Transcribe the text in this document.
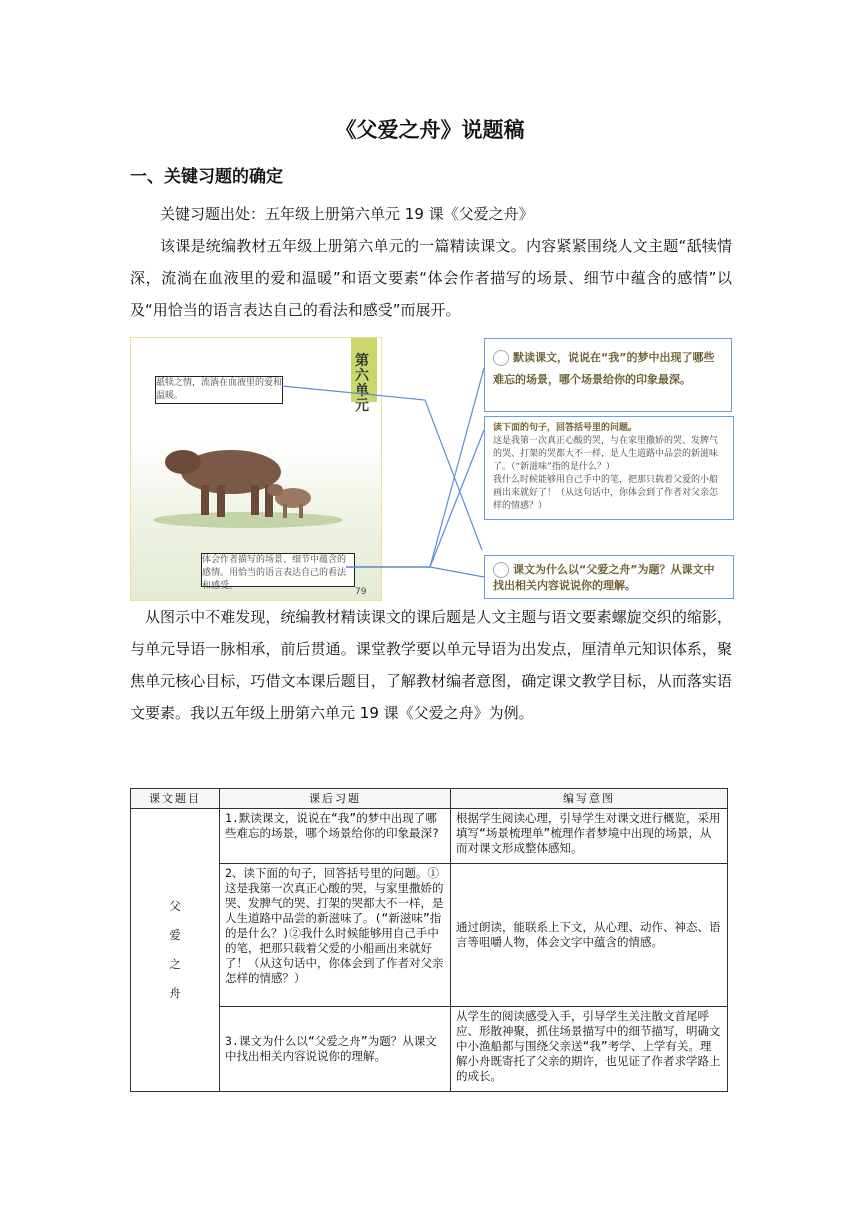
《父爱之舟》说题稿
一、关键习题的确定
关键习题出处：五年级上册第六单元 19 课《父爱之舟》
该课是统编教材五年级上册第六单元的一篇精读课文。内容紧紧围绕人文主题“舐犊情深，流淌在血液里的爱和温暖”和语文要素“体会作者描写的场景、细节中蕴含的感情”以及“用恰当的语言表达自己的看法和感受”而展开。
第六单元
舐犊之情，流淌在血液里的爱和温暖。
体会作者描写的场景、细节中蕴含的感情。用恰当的语言表达自己的看法和感受。
79
默读课文，说说在“我”的梦中出现了哪些难忘的场景，哪个场景给你的印象最深。
读下面的句子，回答括号里的问题。
这是我第一次真正心酸的哭，与在家里撒娇的哭、发脾气的哭、打架的哭都大不一样，是人生道路中品尝的新滋味了。（“新滋味”指的是什么？）
我什么时候能够用自己手中的笔，把那只载着父爱的小船画出来就好了！（从这句话中，你体会到了作者对父亲怎样的情感？）
课文为什么以“父爱之舟”为题？从课文中找出相关内容说说你的理解。
从图示中不难发现，统编教材精读课文的课后题是人文主题与语文要素螺旋交织的缩影，与单元导语一脉相承，前后贯通。课堂教学要以单元导语为出发点，厘清单元知识体系，聚焦单元核心目标，巧借文本课后题目，了解教材编者意图，确定课文教学目标，从而落实语文要素。我以五年级上册第六单元 19 课《父爱之舟》为例。
课文题目	课后习题	编写意图

父
爱
之
舟	1.默读课文，说说在“我”的梦中出现了哪些难忘的场景，哪个场景给你的印象最深?	根据学生阅读心理，引导学生对课文进行概览，采用填写“场景梳理单”梳理作者梦境中出现的场景，从而对课文形成整体感知。
	2、读下面的句子，回答括号里的问题。①这是我第一次真正心酸的哭，与家里撒娇的哭、发脾气的哭、打架的哭都大不一样，是人生道路中品尝的新滋味了。(“新滋味”指的是什么？)②我什么时候能够用自己手中的笔，把那只载着父爱的小船画出来就好了！（从这句话中，你体会到了作者对父亲怎样的情感？）	通过朗读，能联系上下文，从心理、动作、神态、语言等咀嚼人物，体会文字中蕴含的情感。
	3.课文为什么以“父爱之舟”为题？从课文中找出相关内容说说你的理解。	从学生的阅读感受入手，引导学生关注散文首尾呼应、形散神聚，抓住场景描写中的细节描写，明确文中小渔船都与围绕父亲送“我”考学、上学有关。理解小舟既寄托了父亲的期许，也见证了作者求学路上的成长。
